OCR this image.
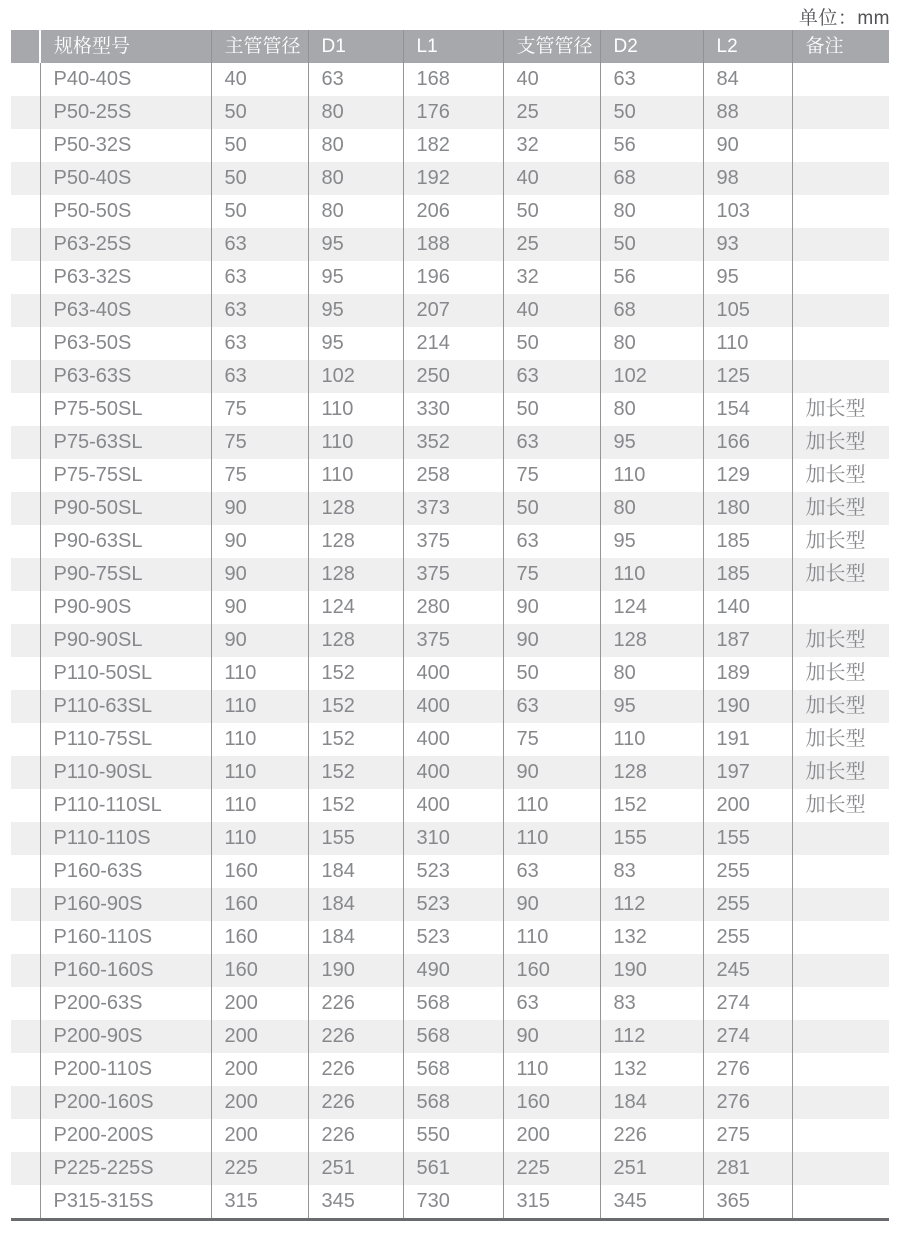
单位：mm
	规格型号	主管管径	D1	L1	支管管径	D2	L2	备注
	P40-40S	40	63	168	40	63	84	
	P50-25S	50	80	176	25	50	88	
	P50-32S	50	80	182	32	56	90	
	P50-40S	50	80	192	40	68	98	
	P50-50S	50	80	206	50	80	103	
	P63-25S	63	95	188	25	50	93	
	P63-32S	63	95	196	32	56	95	
	P63-40S	63	95	207	40	68	105	
	P63-50S	63	95	214	50	80	110	
	P63-63S	63	102	250	63	102	125	
	P75-50SL	75	110	330	50	80	154	加长型
	P75-63SL	75	110	352	63	95	166	加长型
	P75-75SL	75	110	258	75	110	129	加长型
	P90-50SL	90	128	373	50	80	180	加长型
	P90-63SL	90	128	375	63	95	185	加长型
	P90-75SL	90	128	375	75	110	185	加长型
	P90-90S	90	124	280	90	124	140	
	P90-90SL	90	128	375	90	128	187	加长型
	P110-50SL	110	152	400	50	80	189	加长型
	P110-63SL	110	152	400	63	95	190	加长型
	P110-75SL	110	152	400	75	110	191	加长型
	P110-90SL	110	152	400	90	128	197	加长型
	P110-110SL	110	152	400	110	152	200	加长型
	P110-110S	110	155	310	110	155	155	
	P160-63S	160	184	523	63	83	255	
	P160-90S	160	184	523	90	112	255	
	P160-110S	160	184	523	110	132	255	
	P160-160S	160	190	490	160	190	245	
	P200-63S	200	226	568	63	83	274	
	P200-90S	200	226	568	90	112	274	
	P200-110S	200	226	568	110	132	276	
	P200-160S	200	226	568	160	184	276	
	P200-200S	200	226	550	200	226	275	
	P225-225S	225	251	561	225	251	281	
	P315-315S	315	345	730	315	345	365	
